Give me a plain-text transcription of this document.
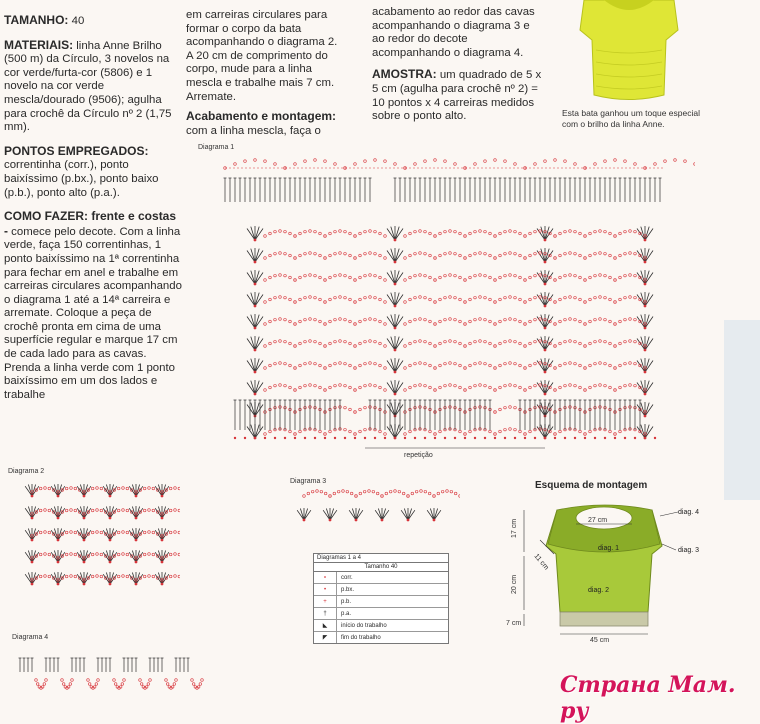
TAMANHO: 40

MATERIAIS: linha Anne Brilho (500 m) da Círculo, 3 novelos na cor verde/furta-cor (5806) e 1 novelo na cor verde mescla/dourado (9506); agulha para crochê da Círculo nº 2 (1,75 mm).

PONTOS EMPREGADOS:
correntinha (corr.), ponto baixíssimo (p.bx.), ponto baixo (p.b.), ponto alto (p.a.).

COMO FAZER: frente e costas - comece pelo decote. Com a linha verde, faça 150 correntinhas, 1 ponto baixíssimo na 1ª correntinha para fechar em anel e trabalhe em carreiras circulares acompanhando o diagrama 1 até a 14ª carreira e arremate. Coloque a peça de crochê pronta em cima de uma superfície regular e marque 17 cm de cada lado para as cavas. Prenda a linha verde com 1 ponto baixíssimo em um dos lados e trabalhe

em carreiras circulares para formar o corpo da bata acompanhando o diagrama 2. A 20 cm de comprimento do corpo, mude para a linha mescla e trabalhe mais 7 cm. Arremate.

Acabamento e montagem:
com a linha mescla, faça o

acabamento ao redor das cavas acompanhando o diagrama 3 e ao redor do decote acompanhando o diagrama 4.

AMOSTRA: um quadrado de 5 x 5 cm (agulha para crochê nº 2) = 10 pontos x 4 carreiras medidos sobre o ponto alto.	Esta bata ganhou um toque especial com o brilho da linha Anne.
Diagrama 1
repetição
Diagrama 2
Diagrama 3
Diagrama 4
Diagramas 1 a 4
Tamanho 40
∘	corr.
•	p.bx.
+	p.b.
†	p.a.
◣	início do trabalho
◤	fim do trabalho
Esquema de montagem
27 cm
17 cm
11 cm
20 cm
7 cm
45 cm
diag. 1
diag. 2
diag. 3
diag. 4
Страна Мам. ру
